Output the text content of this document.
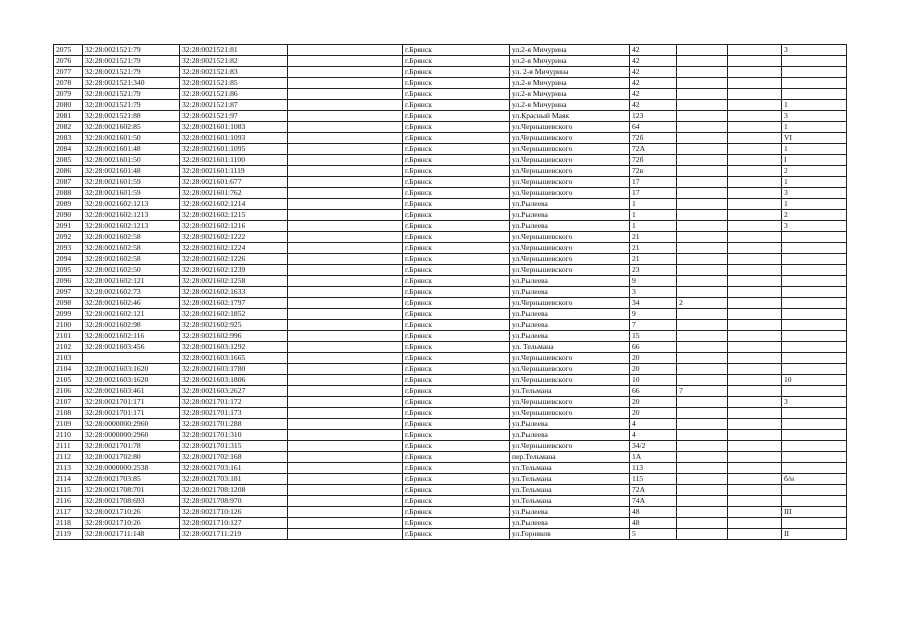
2075	32:28:0021521:79	32:28:0021521:81		г.Брянск	ул.2-я Мичурина	42			3
2076	32:28:0021521:79	32:28:0021521:82		г.Брянск	ул.2-я Мичурина	42			
2077	32:28:0021521:79	32:28:0021521:83		г.Брянск	ул. 2-я Мичурина	42			
2078	32:28:0021521:340	32:28:0021521:85		г.Брянск	ул.2-я Мичурина	42			
2079	32:28:0021521:79	32:28:0021521:86		г.Брянск	ул.2-я Мичурина	42			
2080	32:28:0021521:79	32:28:0021521:87		г.Брянск	ул.2-я Мичурина	42			1
2081	32:28:0021521:88	32:28:0021521:97		г.Брянск	ул.Красный Маяк	123			3
2082	32:28:0021602:85	32:28:0021601:1083		г.Брянск	ул.Чернышевского	64			1
2083	32:28:0021601:50	32:28:0021601:1093		г.Брянск	ул.Чернышевского	72б			VI
2084	32:28:0021601:48	32:28:0021601:1095		г.Брянск	ул.Чернышевского	72А			1
2085	32:28:0021601:50	32:28:0021601:1100		г.Брянск	ул.Чернышевского	72б			I
2086	32:28:0021601:48	32:28:0021601:1119		г.Брянск	ул.Чернышевского	72в			2
2087	32:28:0021601:59	32:28:0021601:677		г.Брянск	ул.Чернышевского	17			1
2088	32:28:0021601:59	32:28:0021601:762		г.Брянск	ул.Чернышевского	17			3
2089	32:28:0021602:1213	32:28:0021602:1214		г.Брянск	ул.Рылеева	1			1
2090	32:28:0021602:1213	32:28:0021602:1215		г.Брянск	ул.Рылеева	1			2
2091	32:28:0021602:1213	32:28:0021602:1216		г.Брянск	ул.Рылеева	1			3
2092	32:28:0021602:58	32:28:0021602:1222		г.Брянск	ул.Чернышевского	21			
2093	32:28:0021602:58	32:28:0021602:1224		г.Брянск	ул.Чернышевского	21			
2094	32:28:0021602:58	32:28:0021602:1226		г.Брянск	ул.Чернышевского	21			
2095	32:28:0021602:50	32:28:0021602:1239		г.Брянск	ул.Чернышевского	23			
2096	32:28:0021602:121	32:28:0021602:1258		г.Брянск	ул.Рылеева	9			
2097	32:28:0021602:73	32:28:0021602:1633		г.Брянск	ул.Рылеева	3			
2098	32:28:0021602:46	32:28:0021602:1797		г.Брянск	ул.Чернышевского	34	2		
2099	32:28:0021602:121	32:28:0021602:1852		г.Брянск	ул.Рылеева	9			
2100	32:28:0021602:98	32:28:0021602:925		г.Брянск	ул.Рылеева	7			
2101	32:28:0021602:116	32:28:0021602:996		г.Брянск	ул.Рылеева	15			
2102	32:28:0021603:456	32:28:0021603:1292		г.Брянск	ул. Тельмана	66			
2103		32:28:0021603:1665		г.Брянск	ул.Чернышевского	20			
2104	32:28:0021603:1620	32:28:0021603:1780		г.Брянск	ул.Чернышевского	20			
2105	32:28:0021603:1620	32:28:0021603:1806		г.Брянск	ул.Чернышевского	10			10
2106	32:28:0021603:461	32:28:0021603:2627		г.Брянск	ул.Тельмана	66	7		
2107	32:28:0021701:171	32:28:0021701:172		г.Брянск	ул.Чернышевского	20			3
2108	32:28:0021701:171	32:28:0021701:173		г.Брянск	ул.Чернышевского	20			
2109	32:28:0000000:2960	32:28:0021701:288		г.Брянск	ул.Рылеева	4			
2110	32:28:0000000:2960	32:28:0021701:310		г.Брянск	ул.Рылеева	4			
2111	32:28:0021701:78	32:28:0021701:315		г.Брянск	ул.Чернышевского	34/2			
2112	32:28:0021702:80	32:28:0021702:168		г.Брянск	пер.Тельмана	1А			
2113	32:28:0000000:2538	32:28:0021703:161		г.Брянск	ул.Тельмана	113			
2114	32:28:0021703:85	32:28:0021703:181		г.Брянск	ул.Тельмана	115			б/н
2115	32:28:0021708:701	32:28:0021708:1208		г.Брянск	ул.Тельмана	72А			
2116	32:28:0021708:693	32:28:0021708:970		г.Брянск	ул.Тельмана	74А			
2117	32:28:0021710:26	32:28:0021710:126		г.Брянск	ул.Рылеева	48			III
2118	32:28:0021710:26	32:28:0021710:127		г.Брянск	ул.Рылеева	48			
2119	32:28:0021711:148	32:28:0021711:219		г.Брянск	ул.Горняков	5			II
